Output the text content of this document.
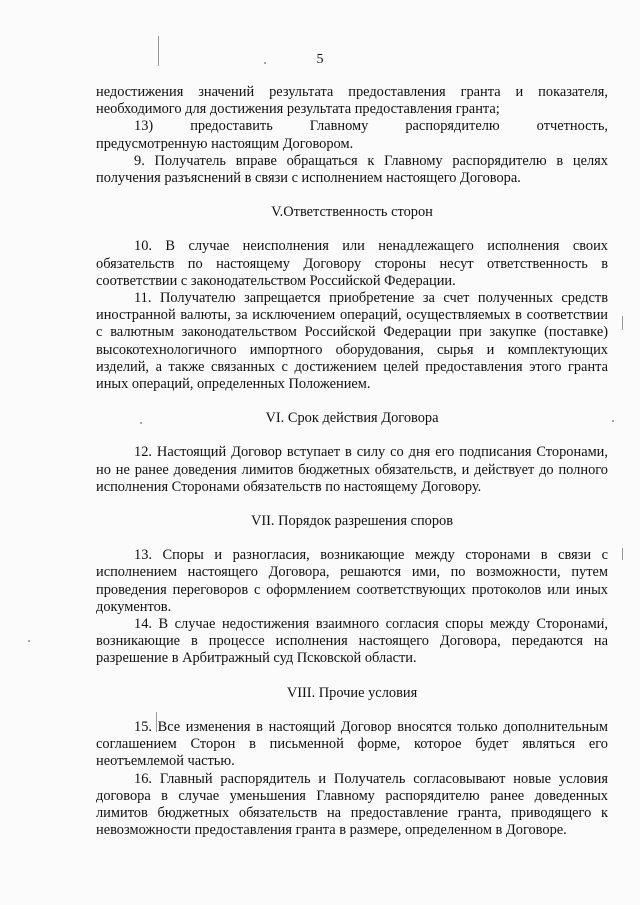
5

недостижения значений результата предоставления гранта и показателя, необходимого для достижения результата предоставления гранта;

13)         предоставить         Главному         распорядителю         отчетность, предусмотренную настоящим Договором.

9. Получатель вправе обращаться к Главному распорядителю в целях получения разъяснений в связи с исполнением настоящего Договора.

V.Ответственность сторон

10. В случае неисполнения или ненадлежащего исполнения своих обязательств по настоящему Договору стороны несут ответственность в соответствии с законодательством Российской Федерации.

11. Получателю запрещается приобретение за счет полученных средств иностранной валюты, за исключением операций, осуществляемых в соответствии с валютным законодательством Российской Федерации при закупке (поставке) высокотехнологичного импортного оборудования, сырья и комплектующих изделий, а также связанных с достижением целей предоставления этого гранта иных операций, определенных Положением.

VI. Срок действия Договора

12. Настоящий Договор вступает в силу со дня его подписания Сторонами, но не ранее доведения лимитов бюджетных обязательств, и действует до полного исполнения Сторонами обязательств по настоящему Договору.

VII. Порядок разрешения споров

13. Споры и разногласия, возникающие между сторонами в связи с исполнением настоящего Договора, решаются ими, по возможности, путем проведения переговоров с оформлением соответствующих протоколов или иных документов.

14. В случае недостижения взаимного согласия споры между Сторонами, возникающие в процессе исполнения настоящего Договора, передаются на разрешение в Арбитражный суд Псковской области.

VIII. Прочие условия

15. Все изменения в настоящий Договор вносятся только дополнительным соглашением Сторон в письменной форме, которое будет являться его неотъемлемой частью.

16. Главный распорядитель и Получатель согласовывают новые условия договора в случае уменьшения Главному распорядителю ранее доведенных лимитов бюджетных обязательств на предоставление гранта, приводящего к невозможности предоставления гранта в размере, определенном в Договоре.
